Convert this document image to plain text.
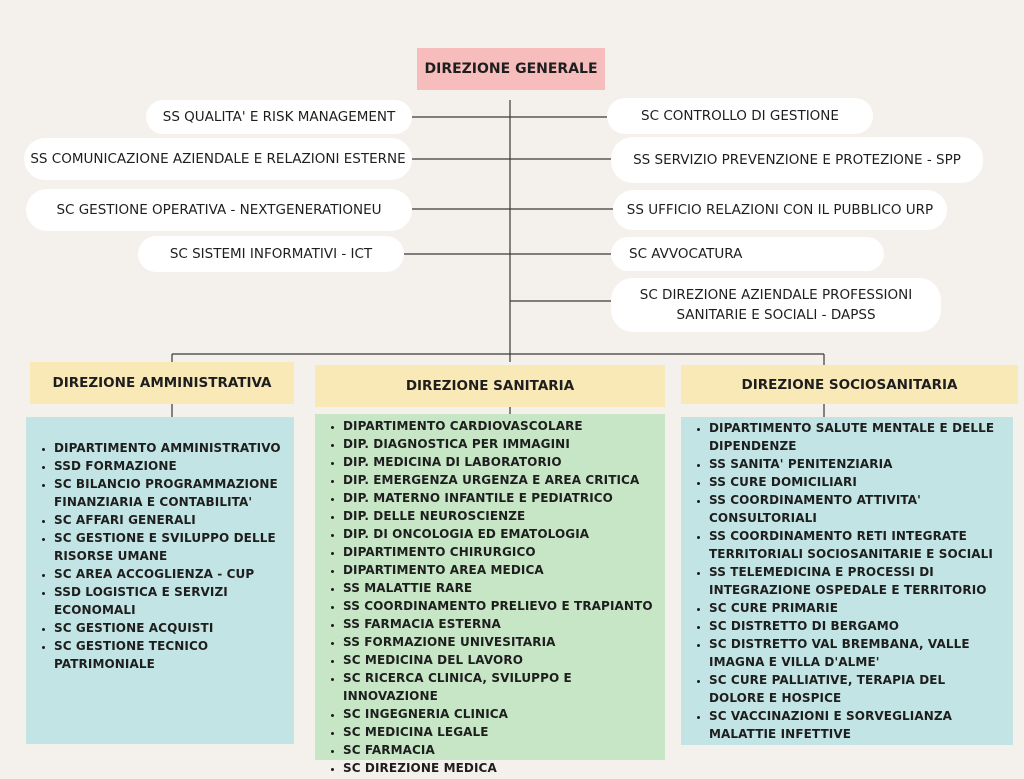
DIREZIONE GENERALE
SS QUALITA' E RISK MANAGEMENT
SS COMUNICAZIONE AZIENDALE E RELAZIONI ESTERNE
SC GESTIONE OPERATIVA - NEXTGENERATIONEU
SC SISTEMI INFORMATIVI - ICT
SC CONTROLLO DI GESTIONE
SS SERVIZIO PREVENZIONE E PROTEZIONE - SPP
SS UFFICIO RELAZIONI CON IL PUBBLICO URP
SC AVVOCATURA
SC DIREZIONE AZIENDALE PROFESSIONI
SANITARIE E SOCIALI - DAPSS
DIREZIONE AMMINISTRATIVA	DIREZIONE SANITARIA	DIREZIONE SOCIOSANITARIA
• DIPARTIMENTO AMMINISTRATIVO
• SSD FORMAZIONE
• SC BILANCIO PROGRAMMAZIONE FINANZIARIA E CONTABILITA'
• SC AFFARI GENERALI
• SC GESTIONE E SVILUPPO DELLE RISORSE UMANE
• SC AREA ACCOGLIENZA - CUP
• SSD LOGISTICA E SERVIZI ECONOMALI
• SC GESTIONE ACQUISTI
• SC GESTIONE TECNICO PATRIMONIALE
• DIPARTIMENTO CARDIOVASCOLARE
• DIP. DIAGNOSTICA PER IMMAGINI
• DIP. MEDICINA DI LABORATORIO
• DIP. EMERGENZA URGENZA E AREA CRITICA
• DIP. MATERNO INFANTILE E PEDIATRICO
• DIP. DELLE NEUROSCIENZE
• DIP. DI ONCOLOGIA ED EMATOLOGIA
• DIPARTIMENTO CHIRURGICO
• DIPARTIMENTO AREA MEDICA
• SS MALATTIE RARE
• SS COORDINAMENTO PRELIEVO E TRAPIANTO
• SS FARMACIA ESTERNA
• SS FORMAZIONE UNIVESITARIA
• SC MEDICINA DEL LAVORO
• SC RICERCA CLINICA, SVILUPPO E INNOVAZIONE
• SC INGEGNERIA CLINICA
• SC MEDICINA LEGALE
• SC FARMACIA
• SC DIREZIONE MEDICA
• DIPARTIMENTO SALUTE MENTALE E DELLE DIPENDENZE
• SS SANITA' PENITENZIARIA
• SS CURE DOMICILIARI
• SS COORDINAMENTO ATTIVITA' CONSULTORIALI
• SS COORDINAMENTO RETI INTEGRATE TERRITORIALI SOCIOSANITARIE E SOCIALI
• SS TELEMEDICINA E PROCESSI DI INTEGRAZIONE OSPEDALE E TERRITORIO
• SC CURE PRIMARIE
• SC DISTRETTO DI BERGAMO
• SC DISTRETTO VAL BREMBANA, VALLE IMAGNA E VILLA D'ALME'
• SC CURE PALLIATIVE, TERAPIA DEL DOLORE E HOSPICE
• SC VACCINAZIONI E SORVEGLIANZA MALATTIE INFETTIVE
